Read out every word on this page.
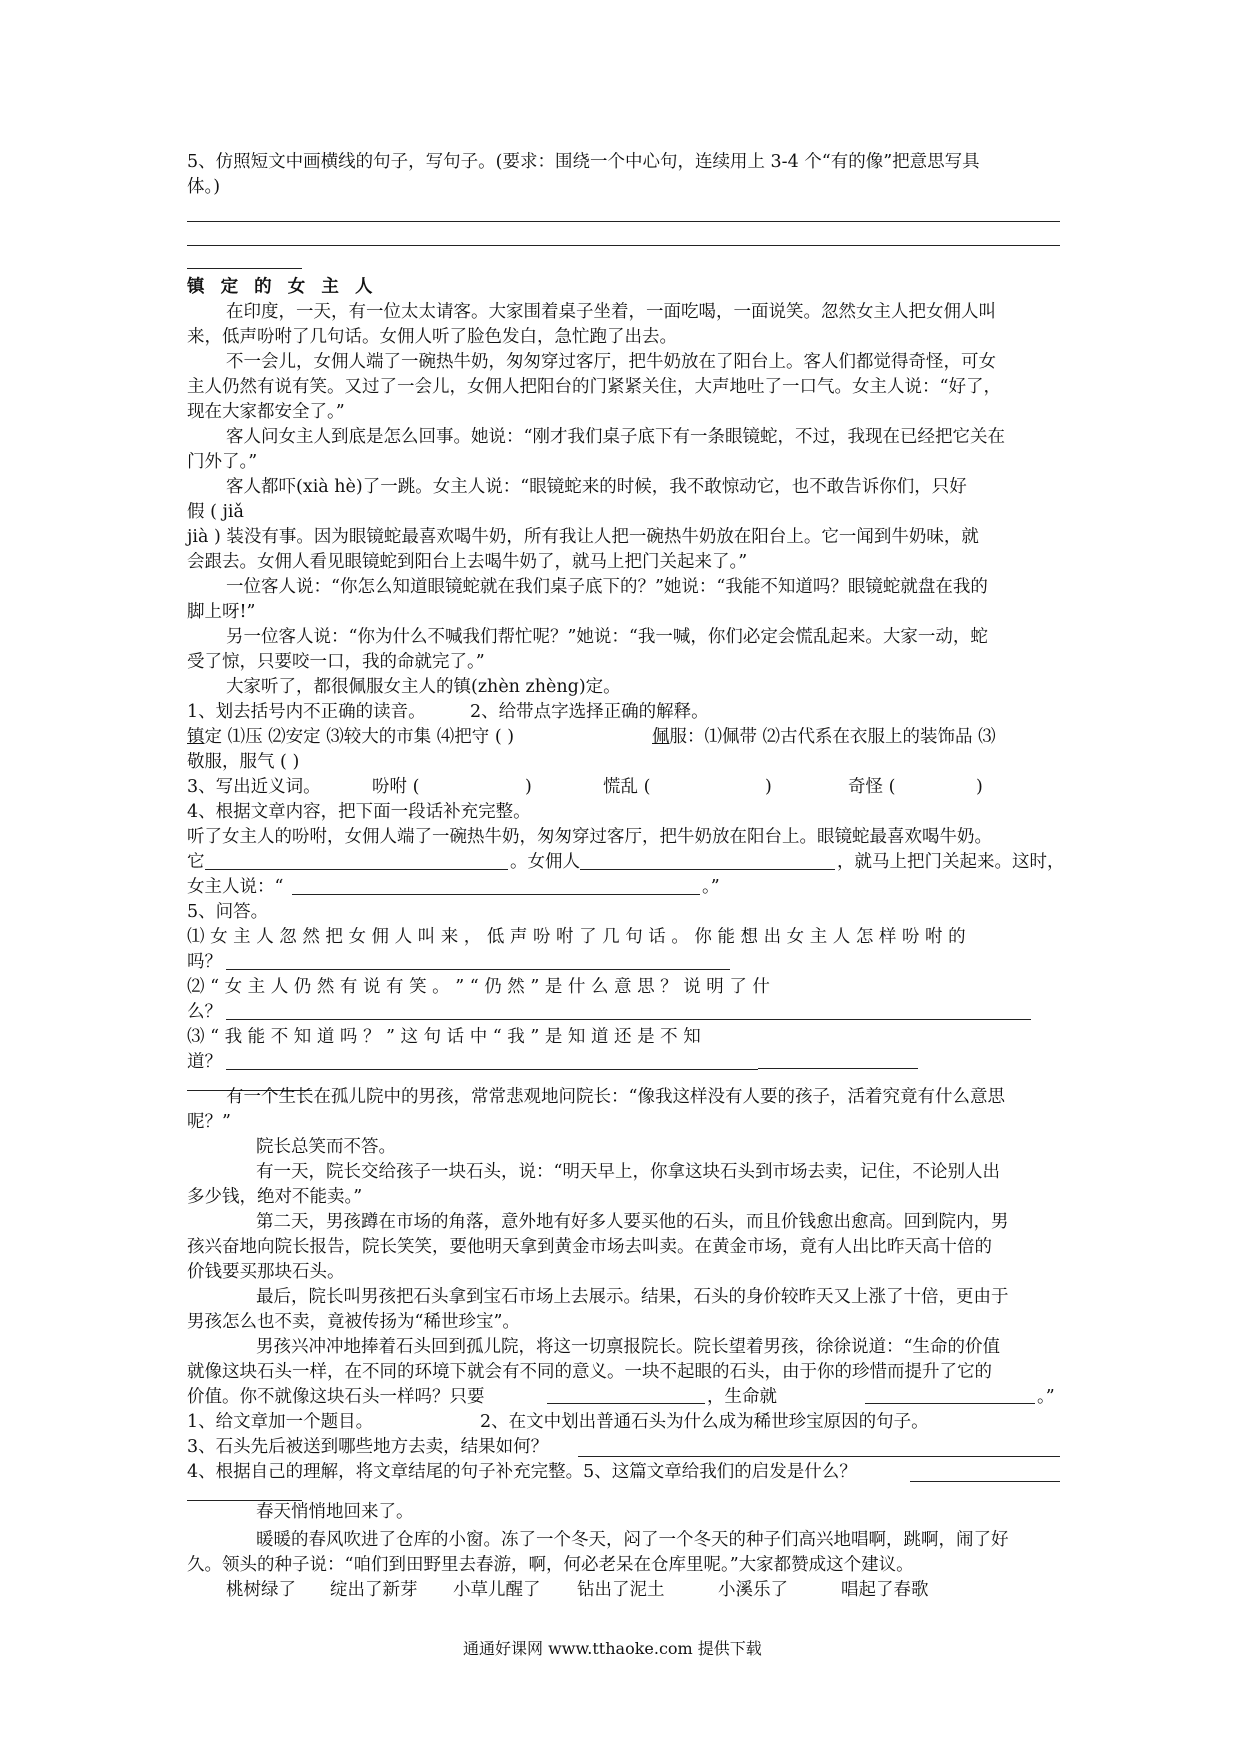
5、仿照短文中画横线的句子，写句子。(要求：围绕一个中心句，连续用上 3-4 个“有的像”把意思写具
体。)
镇 定 的 女 主 人
在印度，一天，有一位太太请客。大家围着桌子坐着，一面吃喝，一面说笑。忽然女主人把女佣人叫
来，低声吩咐了几句话。女佣人听了脸色发白，急忙跑了出去。
不一会儿，女佣人端了一碗热牛奶，匆匆穿过客厅，把牛奶放在了阳台上。客人们都觉得奇怪，可女
主人仍然有说有笑。又过了一会儿，女佣人把阳台的门紧紧关住，大声地吐了一口气。女主人说：“好了，
现在大家都安全了。”
客人问女主人到底是怎么回事。她说：“刚才我们桌子底下有一条眼镜蛇，不过，我现在已经把它关在
门外了。”
客人都吓(xià hè)了一跳。女主人说：“眼镜蛇来的时候，我不敢惊动它，也不敢告诉你们，只好
假 ( jiǎ
jià ) 装没有事。因为眼镜蛇最喜欢喝牛奶，所有我让人把一碗热牛奶放在阳台上。它一闻到牛奶味，就
会跟去。女佣人看见眼镜蛇到阳台上去喝牛奶了，就马上把门关起来了。”
一位客人说：“你怎么知道眼镜蛇就在我们桌子底下的？”她说：“我能不知道吗？眼镜蛇就盘在我的
脚上呀!”
另一位客人说：“你为什么不喊我们帮忙呢？”她说：“我一喊，你们必定会慌乱起来。大家一动，蛇
受了惊，只要咬一口，我的命就完了。”
大家听了，都很佩服女主人的镇(zhèn zhèng)定。
1、划去括号内不正确的读音。	2、给带点字选择正确的解释。
镇定 ⑴压 ⑵安定 ⑶较大的市集 ⑷把守 ( )	佩服：⑴佩带 ⑵古代系在衣服上的装饰品 ⑶
敬服，服气 ( )
3、写出近义词。	吩咐 (	)	慌乱 (	)	奇怪 (	)
4、根据文章内容，把下面一段话补充完整。
听了女主人的吩咐，女佣人端了一碗热牛奶，匆匆穿过客厅，把牛奶放在阳台上。眼镜蛇最喜欢喝牛奶。
它	。女佣人	，就马上把门关起来。这时，
女主人说：“	。”
5、问答。
⑴ 女 主 人 忽 然 把 女 佣 人 叫 来 ， 低 声 吩 咐 了 几 句 话 。 你 能 想 出 女 主 人 怎 样 吩 咐 的
吗？
⑵ “ 女 主 人 仍 然 有 说 有 笑 。 ” “ 仍 然 ” 是 什 么 意 思 ？ 说 明 了 什
么？
⑶ “ 我 能 不 知 道 吗 ？ ” 这 句 话 中 “ 我 ” 是 知 道 还 是 不 知
道？
有一个生长在孤儿院中的男孩，常常悲观地问院长：“像我这样没有人要的孩子，活着究竟有什么意思
呢？”
院长总笑而不答。
有一天，院长交给孩子一块石头，说：“明天早上，你拿这块石头到市场去卖，记住，不论别人出
多少钱，绝对不能卖。”
第二天，男孩蹲在市场的角落，意外地有好多人要买他的石头，而且价钱愈出愈高。回到院内，男
孩兴奋地向院长报告，院长笑笑，要他明天拿到黄金市场去叫卖。在黄金市场，竟有人出比昨天高十倍的
价钱要买那块石头。
最后，院长叫男孩把石头拿到宝石市场上去展示。结果，石头的身价较昨天又上涨了十倍，更由于
男孩怎么也不卖，竟被传扬为“稀世珍宝”。
男孩兴冲冲地捧着石头回到孤儿院，将这一切禀报院长。院长望着男孩，徐徐说道：“生命的价值
就像这块石头一样，在不同的环境下就会有不同的意义。一块不起眼的石头，由于你的珍惜而提升了它的
价值。你不就像这块石头一样吗？只要	，生命就	。”
1、给文章加一个题目。	2、在文中划出普通石头为什么成为稀世珍宝原因的句子。
3、石头先后被送到哪些地方去卖，结果如何？
4、根据自己的理解，将文章结尾的句子补充完整。5、这篇文章给我们的启发是什么？
春天悄悄地回来了。
暖暖的春风吹进了仓库的小窗。冻了一个冬天，闷了一个冬天的种子们高兴地唱啊，跳啊，闹了好
久。领头的种子说：“咱们到田野里去春游，啊，何必老呆在仓库里呢。”大家都赞成这个建议。
桃树绿了 绽出了新芽 小草儿醒了 钻出了泥土	小溪乐了	唱起了春歌
通通好课网 www.tthaoke.com 提供下载
